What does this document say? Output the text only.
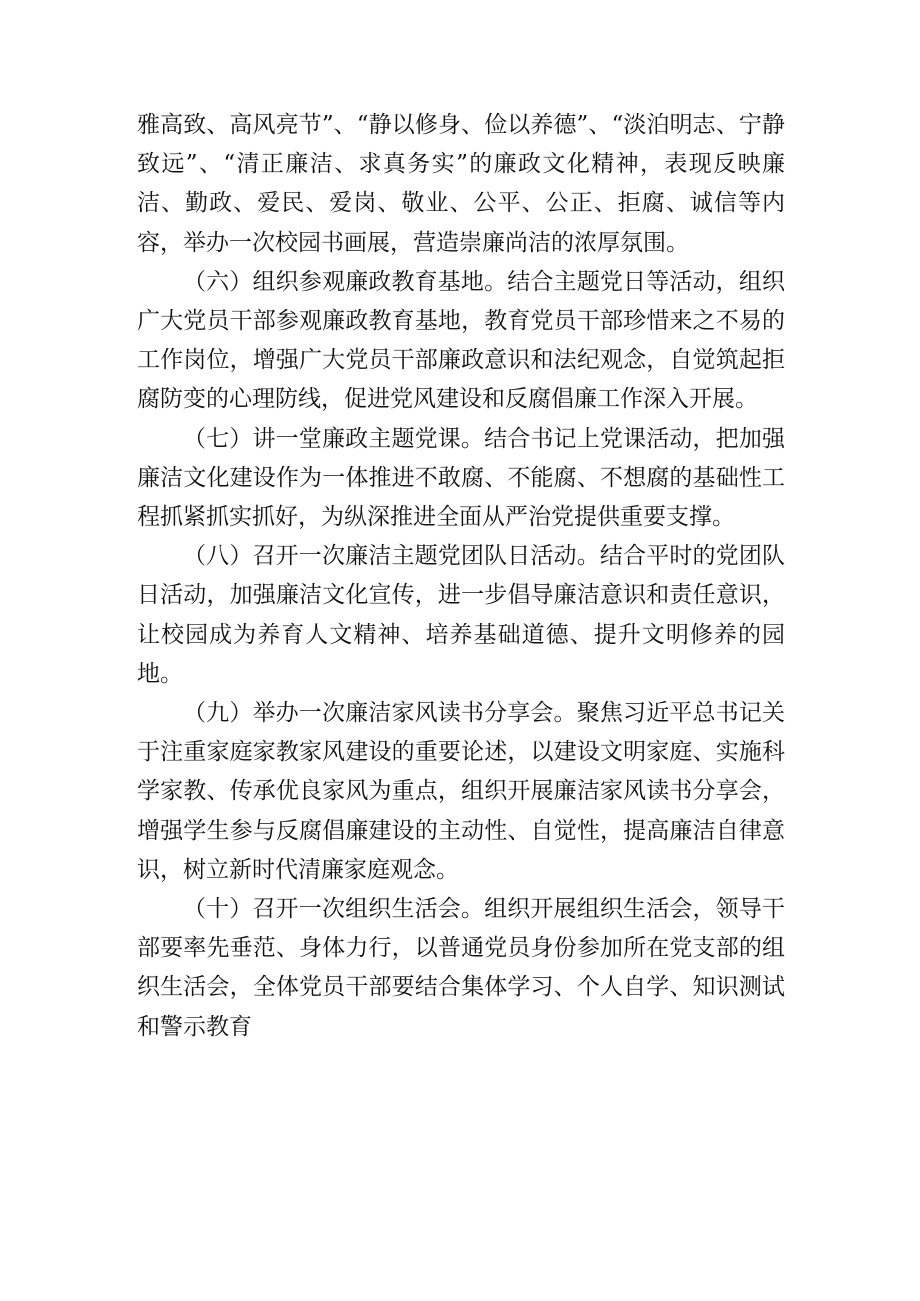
雅高致、高风亮节”、“静以修身、俭以养德”、“淡泊明志、宁静致远”、“清正廉洁、求真务实”的廉政文化精神，表现反映廉洁、勤政、爱民、爱岗、敬业、公平、公正、拒腐、诚信等内容，举办一次校园书画展，营造崇廉尚洁的浓厚氛围。

（六）组织参观廉政教育基地。结合主题党日等活动，组织广大党员干部参观廉政教育基地，教育党员干部珍惜来之不易的工作岗位，增强广大党员干部廉政意识和法纪观念，自觉筑起拒腐防变的心理防线，促进党风建设和反腐倡廉工作深入开展。

（七）讲一堂廉政主题党课。结合书记上党课活动，把加强廉洁文化建设作为一体推进不敢腐、不能腐、不想腐的基础性工程抓紧抓实抓好，为纵深推进全面从严治党提供重要支撑。

（八）召开一次廉洁主题党团队日活动。结合平时的党团队日活动，加强廉洁文化宣传，进一步倡导廉洁意识和责任意识，让校园成为养育人文精神、培养基础道德、提升文明修养的园地。

（九）举办一次廉洁家风读书分享会。聚焦习近平总书记关于注重家庭家教家风建设的重要论述，以建设文明家庭、实施科学家教、传承优良家风为重点，组织开展廉洁家风读书分享会，增强学生参与反腐倡廉建设的主动性、自觉性，提高廉洁自律意识，树立新时代清廉家庭观念。

（十）召开一次组织生活会。组织开展组织生活会，领导干部要率先垂范、身体力行，以普通党员身份参加所在党支部的组织生活会，全体党员干部要结合集体学习、个人自学、知识测试和警示教育
